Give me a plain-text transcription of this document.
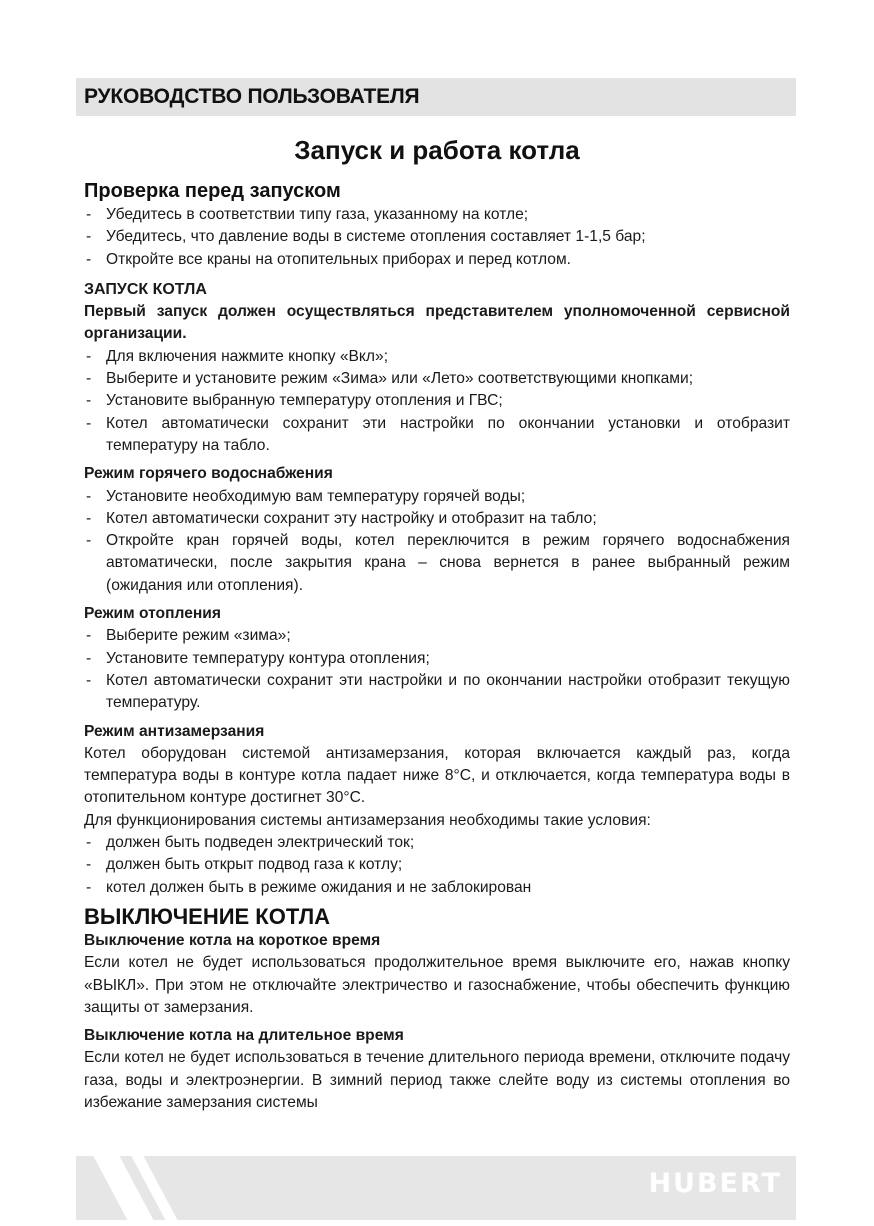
РУКОВОДСТВО ПОЛЬЗОВАТЕЛЯ
Запуск и работа котла
Проверка перед запуском
- Убедитесь в соответствии типу газа, указанному на котле;
- Убедитесь, что давление воды в системе отопления составляет 1-1,5 бар;
- Откройте все краны на отопительных приборах и перед котлом.
ЗАПУСК КОТЛА

Первый запуск должен осуществляться представителем уполномоченной сервисной организации.

- Для включения нажмите кнопку «Вкл»;
- Выберите и установите режим «Зима» или «Лето» соответствующими кнопками;
- Установите выбранную температуру отопления и ГВС;
- Котел автоматически сохранит эти настройки по окончании установки и отобразит температуру на табло.
Режим горячего водоснабжения
- Установите необходимую вам температуру горячей воды;
- Котел автоматически сохранит эту настройку и отобразит на табло;
- Откройте кран горячей воды, котел переключится в режим горячего водоснабжения автоматически, после закрытия крана – снова вернется в ранее выбранный режим (ожидания или отопления).
Режим отопления
- Выберите режим «зима»;
- Установите температуру контура отопления;
- Котел автоматически сохранит эти настройки и по окончании настройки отобразит текущую температуру.
Режим антизамерзания

Котел оборудован системой антизамерзания, которая включается каждый раз, когда температура воды в контуре котла падает ниже 8°С, и отключается, когда температура воды в отопительном контуре достигнет 30°С.

Для функционирования системы антизамерзания необходимы такие условия:

- должен быть подведен электрический ток;
- должен быть открыт подвод газа к котлу;
- котел должен быть в режиме ожидания и не заблокирован
ВЫКЛЮЧЕНИЕ КОТЛА
Выключение котла на короткое время

Если котел не будет использоваться продолжительное время выключите его, нажав кнопку «ВЫКЛ». При этом не отключайте электричество и газоснабжение, чтобы обеспечить функцию защиты от замерзания.

Выключение котла на длительное время

Если котел не будет использоваться в течение длительного периода времени, отключите подачу газа, воды и электроэнергии. В зимний период также слейте воду из системы отопления во избежание замерзания системы

HUBERT
